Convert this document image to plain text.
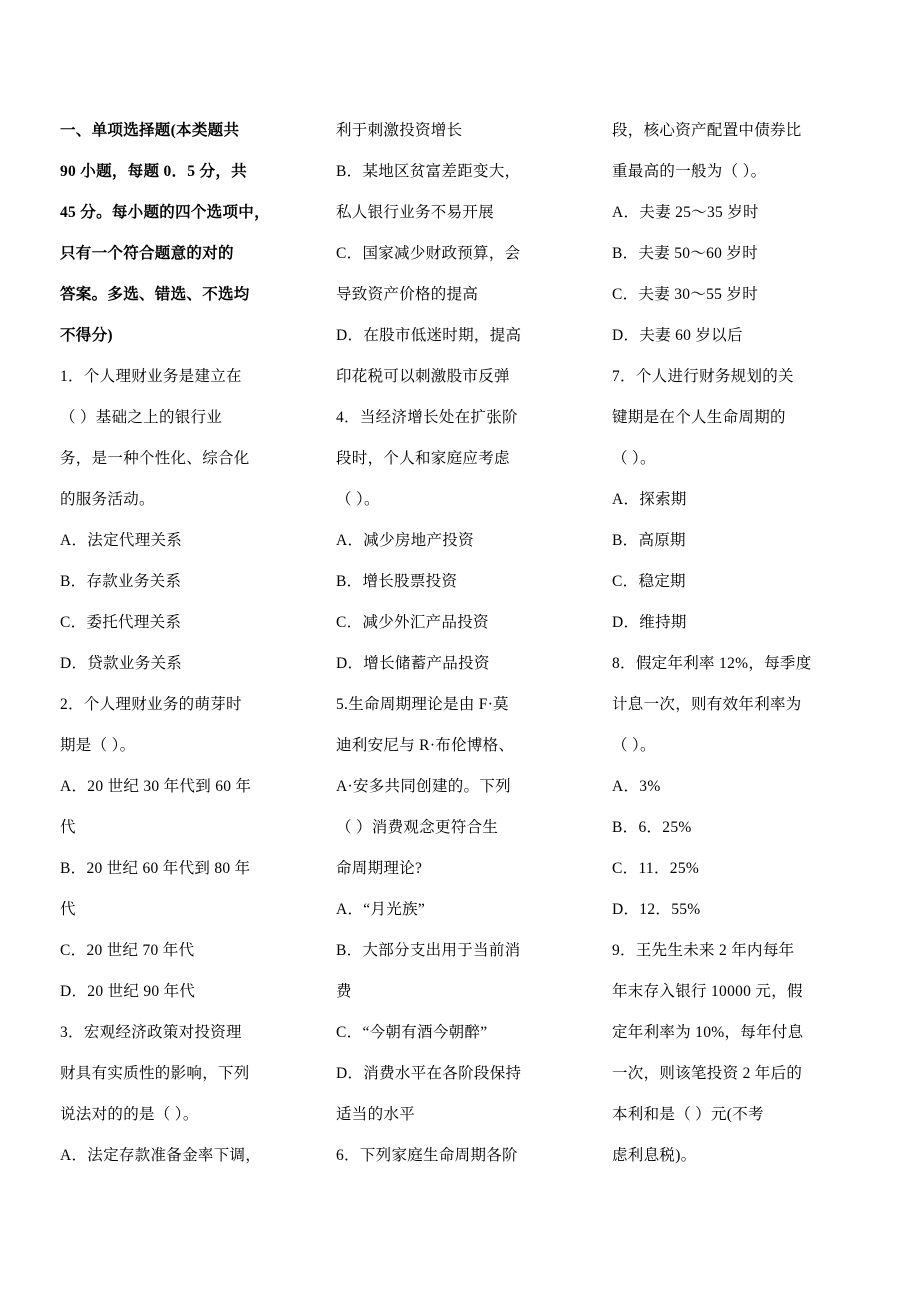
一、单项选择题(本类题共
90 小题，每题 0．5 分，共
45 分。每小题的四个选项中，
只有一个符合题意的对的
答案。多选、错选、不选均
不得分)
1．个人理财业务是建立在
（ ）基础之上的银行业
务，是一种个性化、综合化
的服务活动。
A．法定代理关系
B．存款业务关系
C．委托代理关系
D．贷款业务关系
2．个人理财业务的萌芽时
期是（ ）。
A．20 世纪 30 年代到 60 年
代
B．20 世纪 60 年代到 80 年
代
C．20 世纪 70 年代
D．20 世纪 90 年代
3．宏观经济政策对投资理
财具有实质性的影响，下列
说法对的的是（ ）。
A．法定存款准备金率下调，
利于刺激投资增长
B．某地区贫富差距变大，
私人银行业务不易开展
C．国家减少财政预算，会
导致资产价格的提高
D．在股市低迷时期，提高
印花税可以刺激股市反弹
4．当经济增长处在扩张阶
段时，个人和家庭应考虑
（ ）。
A．减少房地产投资
B．增长股票投资
C．减少外汇产品投资
D．增长储蓄产品投资
5.生命周期理论是由 F·莫
迪利安尼与 R·布伦博格、
A·安多共同创建的。下列
（ ）消费观念更符合生
命周期理论?
A．“月光族”
B．大部分支出用于当前消
费
C．“今朝有酒今朝醉”
D．消费水平在各阶段保持
适当的水平
6．下列家庭生命周期各阶
段，核心资产配置中债券比
重最高的一般为（ ）。
A．夫妻 25～35 岁时
B．夫妻 50～60 岁时
C．夫妻 30～55 岁时
D．夫妻 60 岁以后
7．个人进行财务规划的关
键期是在个人生命周期的
（ ）。
A．探索期
B．高原期
C．稳定期
D．维持期
8．假定年利率 12%，每季度
计息一次，则有效年利率为
（ ）。
A．3%
B．6．25%
C．11．25%
D．12．55%
9．王先生未来 2 年内每年
年末存入银行 10000 元，假
定年利率为 10%，每年付息
一次，则该笔投资 2 年后的
本利和是（ ）元(不考
虑利息税)。
